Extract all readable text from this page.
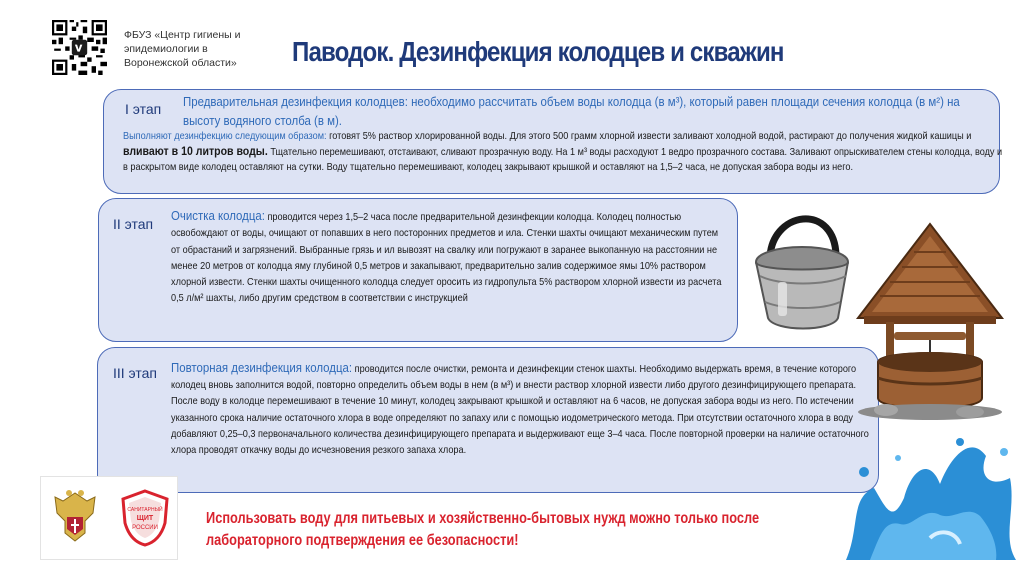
ФБУЗ «Центр гигиены и эпидемиологии в Воронежской области»	Паводок. Дезинфекция колодцев и скважин
I этап Предварительная дезинфекция колодцев: необходимо рассчитать объем воды колодца (в м³), который равен площади сечения колодца (в м²) на высоту водяного столба (в м).
Выполняют дезинфекцию следующим образом: готовят 5% раствор хлорированной воды. Для этого 500 грамм хлорной извести заливают холодной водой, растирают до получения жидкой кашицы и вливают в 10 литров воды. Тщательно перемешивают, отстаивают, сливают прозрачную воду. На 1 м³ воды расходуют 1 ведро прозрачного состава. Заливают опрыскивателем стены колодца, воду и в раскрытом виде колодец оставляют на сутки. Воду тщательно перемешивают, колодец закрывают крышкой и оставляют на 1,5–2 часа, не допуская забора воды из него.
II этап
Очистка колодца: проводится через 1,5–2 часа после предварительной дезинфекции колодца. Колодец полностью освобождают от воды, очищают от попавших в него посторонних предметов и ила. Стенки шахты очищают механическим путем от обрастаний и загрязнений. Выбранные грязь и ил вывозят на свалку или погружают в заранее выкопанную на расстоянии не менее 20 метров от колодца яму глубиной 0,5 метров и закапывают, предварительно залив содержимое ямы 10% раствором хлорной извести. Стенки шахты очищенного колодца следует оросить из гидропульта 5% раствором хлорной извести из расчета 0,5 л/м² шахты, либо другим средством в соответствии с инструкцией
III этап Повторная дезинфекция колодца: проводится после очистки, ремонта и дезинфекции стенок шахты. Необходимо выдержать время, в течение которого колодец вновь заполнится водой, повторно определить объем воды в нем (в м³) и внести раствор хлорной извести либо другого дезинфицирующего препарата. После воду в колодце перемешивают в течение 10 минут, колодец закрывают крышкой и оставляют на 6 часов, не допуская забора воды из него. По истечении указанного срока наличие остаточного хлора в воде определяют по запаху или с помощью иодометрического метода. При отсутствии остаточного хлора в воду добавляют 0,25–0,3 первоначального количества дезинфицирующего препарата и выдерживают еще 3–4 часа. После повторной проверки на наличие остаточного хлора проводят откачку воды до исчезновения резкого запаха хлора.
САНИТАРНЫЙ
ЩИТ
РОССИИ
Использовать воду для питьевых и хозяйственно-бытовых нужд можно только после лабораторного подтверждения ее безопасности!
